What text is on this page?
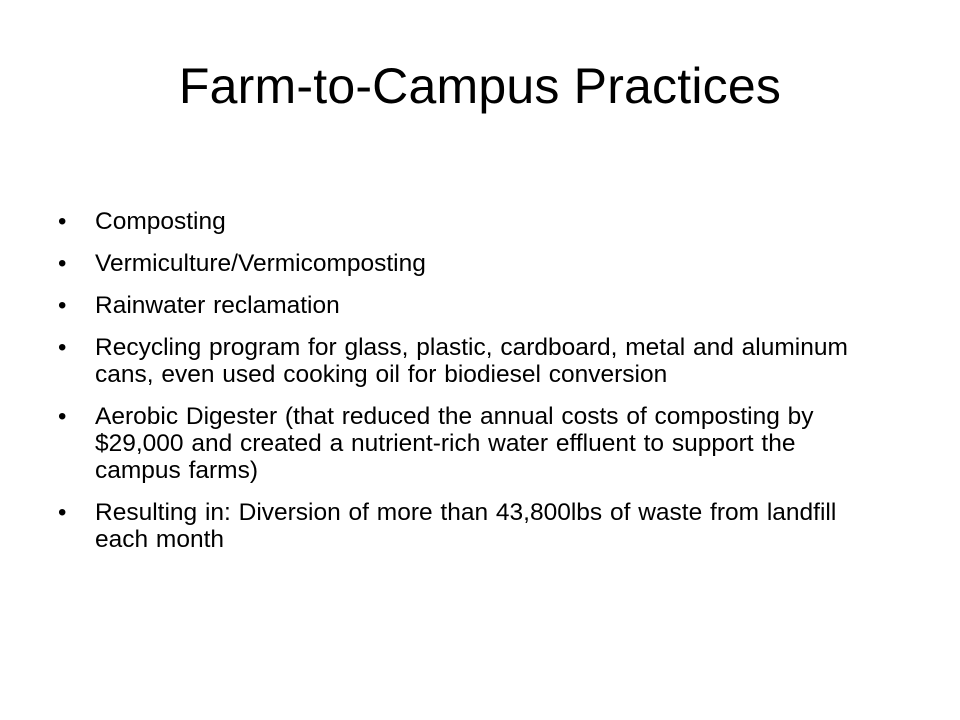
Farm-to-Campus Practices
• Composting
• Vermiculture/Vermicomposting
• Rainwater reclamation
• Recycling program for glass, plastic, cardboard, metal and aluminum cans, even used cooking oil for biodiesel conversion
• Aerobic Digester (that reduced the annual costs of composting by $29,000 and created a nutrient-rich water effluent to support the campus farms)
• Resulting in: Diversion of more than 43,800lbs of waste from landfill each month
